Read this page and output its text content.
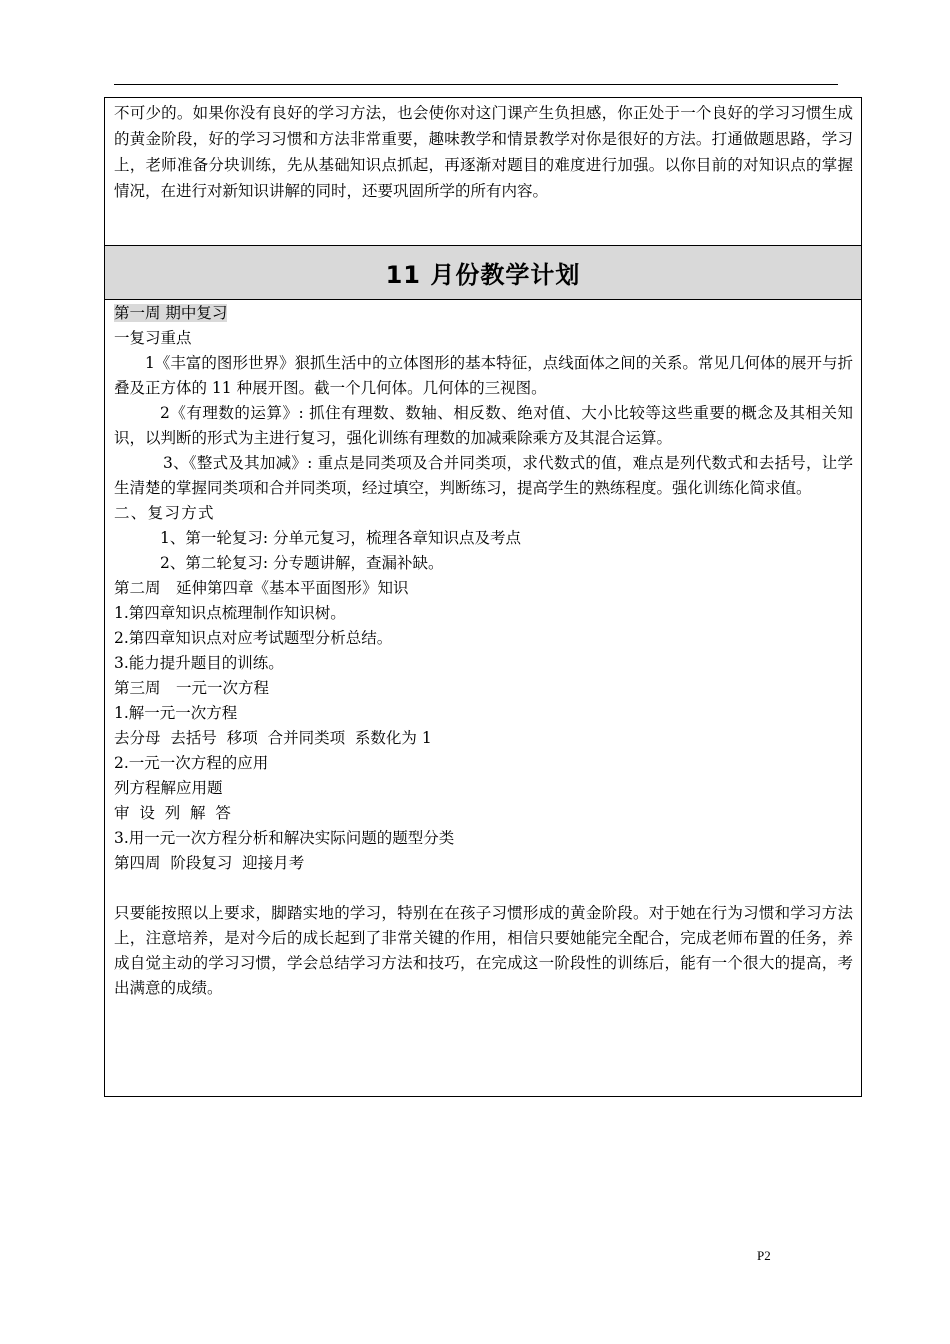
不可少的。如果你没有良好的学习方法，也会使你对这门课产生负担感，你正处于一个良好的学习习惯生成的黄金阶段，好的学习习惯和方法非常重要，趣味教学和情景教学对你是很好的方法。打通做题思路，学习上，老师准备分块训练，先从基础知识点抓起，再逐渐对题目的难度进行加强。以你目前的对知识点的掌握情况，在进行对新知识讲解的同时，还要巩固所学的所有内容。
11 月份教学计划
第一周 期中复习
一复习重点
1《丰富的图形世界》狠抓生活中的立体图形的基本特征，点线面体之间的关系。常见几何体的展开与折叠及正方体的 11 种展开图。截一个几何体。几何体的三视图。
2《有理数的运算》: 抓住有理数、数轴、相反数、绝对值、大小比较等这些重要的概念及其相关知识，以判断的形式为主进行复习，强化训练有理数的加减乘除乘方及其混合运算。
3、《整式及其加减》: 重点是同类项及合并同类项，求代数式的值，难点是列代数式和去括号，让学生清楚的掌握同类项和合并同类项，经过填空，判断练习，提高学生的熟练程度。强化训练化简求值。
二、复习方式
1、第一轮复习: 分单元复习，梳理各章知识点及考点
2、第二轮复习: 分专题讲解，查漏补缺。
第二周　延伸第四章《基本平面图形》知识
1.第四章知识点梳理制作知识树。
2.第四章知识点对应考试题型分析总结。
3.能力提升题目的训练。
第三周　一元一次方程
1.解一元一次方程
去分母  去括号  移项  合并同类项  系数化为 1
2.一元一次方程的应用
列方程解应用题
审  设  列  解  答
3.用一元一次方程分析和解决实际问题的题型分类
第四周  阶段复习  迎接月考
只要能按照以上要求，脚踏实地的学习，特别在在孩子习惯形成的黄金阶段。对于她在行为习惯和学习方法上，注意培养，是对今后的成长起到了非常关键的作用，相信只要她能完全配合，完成老师布置的任务，养成自觉主动的学习习惯，学会总结学习方法和技巧，在完成这一阶段性的训练后，能有一个很大的提高，考出满意的成绩。
P2
